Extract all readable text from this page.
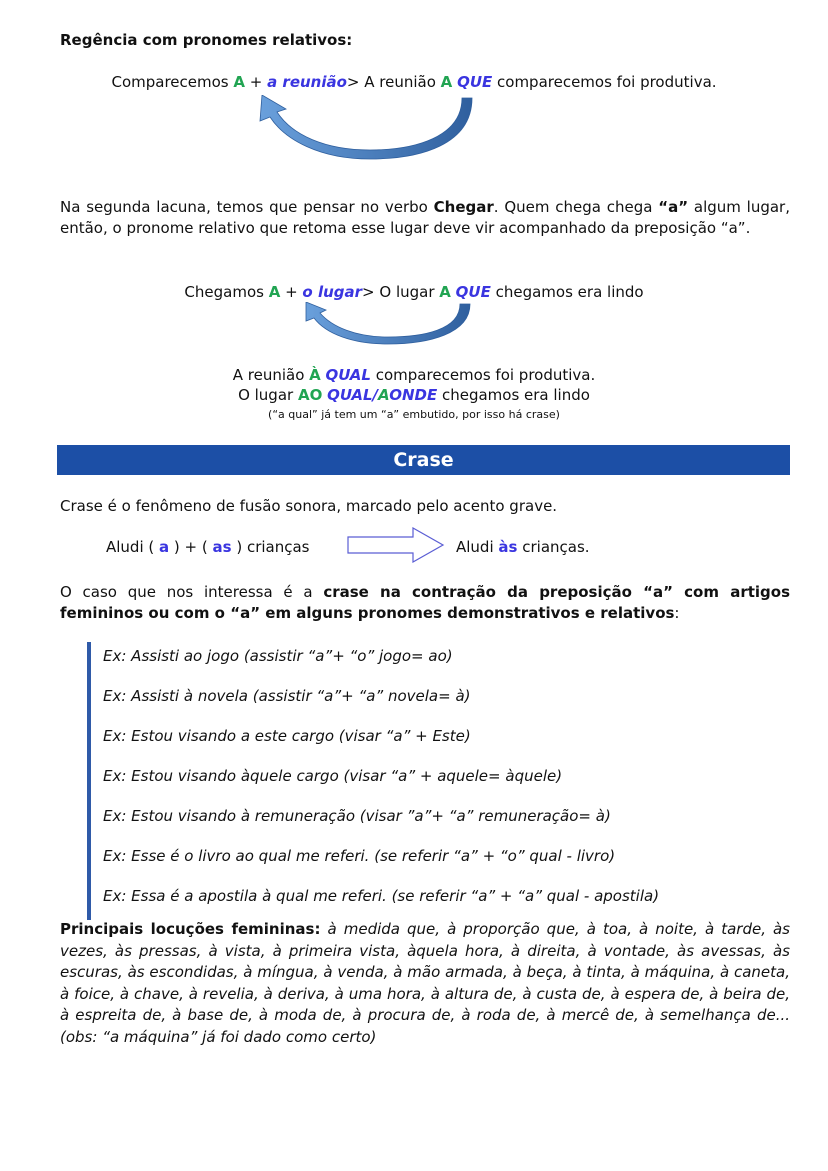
Regência com pronomes relativos:
Comparecemos A + a reunião> A reunião A QUE comparecemos foi produtiva.
Na segunda lacuna, temos que pensar no verbo Chegar. Quem chega chega “a” algum lugar, então, o pronome relativo que retoma esse lugar deve vir acompanhado da preposição “a”.
Chegamos A + o lugar> O lugar A QUE chegamos era lindo
A reunião À QUAL comparecemos foi produtiva.
O lugar AO QUAL/AONDE chegamos era lindo
(“a qual” já tem um “a” embutido, por isso há crase)
Crase
Crase é o fenômeno de fusão sonora, marcado pelo acento grave.
Aludi ( a ) + ( as ) crianças	Aludi às crianças.
O caso que nos interessa é a crase na contração da preposição “a” com artigos femininos ou com o “a” em alguns pronomes demonstrativos e relativos:
Ex: Assisti ao jogo (assistir “a”+ “o” jogo= ao)
Ex: Assisti à novela (assistir “a”+ “a” novela= à)
Ex: Estou visando a este cargo (visar “a” + Este)
Ex: Estou visando àquele cargo (visar “a” + aquele= àquele)
Ex: Estou visando à remuneração (visar ”a”+ “a” remuneração= à)
Ex: Esse é o livro ao qual me referi. (se referir “a” + “o” qual - livro)
Ex: Essa é a apostila à qual me referi. (se referir “a” + “a” qual - apostila)
Principais locuções femininas: à medida que, à proporção que, à toa, à noite, à tarde, às vezes, às pressas, à vista, à primeira vista, àquela hora, à direita, à vontade, às avessas, às escuras, às escondidas, à míngua, à venda, à mão armada, à beça, à tinta, à máquina, à caneta, à foice, à chave, à revelia, à deriva, à uma hora, à altura de, à custa de, à espera de, à beira de, à espreita de, à base de, à moda de, à procura de, à roda de, à mercê de, à semelhança de... (obs: “a máquina” já foi dado como certo)
